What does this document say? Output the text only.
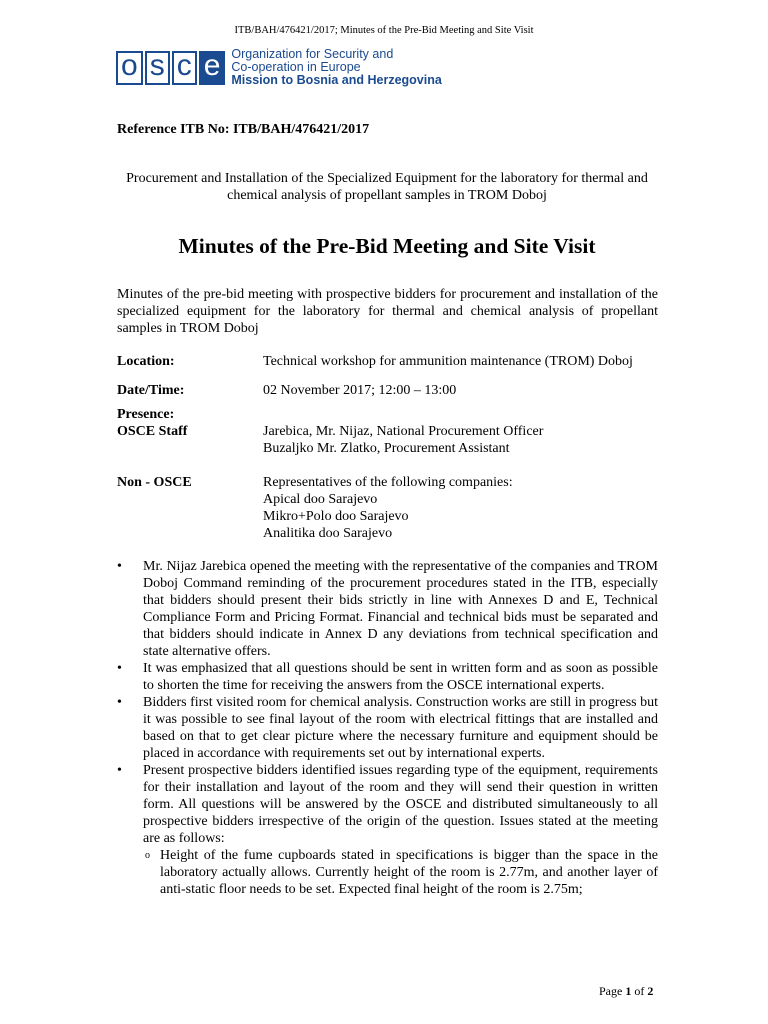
ITB/BAH/476421/2017; Minutes of the Pre-Bid Meeting and Site Visit
o s c e Organization for Security and
Co-operation in Europe
Mission to Bosnia and Herzegovina
Reference ITB No: ITB/BAH/476421/2017
Procurement and Installation of the Specialized Equipment for the laboratory for thermal and chemical analysis of propellant samples in TROM Doboj
Minutes of the Pre-Bid Meeting and Site Visit
Minutes of the pre-bid meeting with prospective bidders for procurement and installation of the specialized equipment for the laboratory for thermal and chemical analysis of propellant samples in TROM Doboj
Location:	Technical workshop for ammunition maintenance (TROM) Doboj
Date/Time:	02 November 2017; 12:00 – 13:00
Presence:
OSCE Staff	Jarebica, Mr. Nijaz, National Procurement Officer
Buzaljko Mr. Zlatko, Procurement Assistant
Non - OSCE	Representatives of the following companies:
Apical doo Sarajevo
Mikro+Polo doo Sarajevo
Analitika doo Sarajevo
•	Mr. Nijaz Jarebica opened the meeting with the representative of the companies and TROM Doboj Command reminding of the procurement procedures stated in the ITB, especially that bidders should present their bids strictly in line with Annexes D and E, Technical Compliance Form and Pricing Format. Financial and technical bids must be separated and that bidders should indicate in Annex D any deviations from technical specification and state alternative offers.
•	It was emphasized that all questions should be sent in written form and as soon as possible to shorten the time for receiving the answers from the OSCE international experts.
•	Bidders first visited room for chemical analysis. Construction works are still in progress but it was possible to see final layout of the room with electrical fittings that are installed and based on that to get clear picture where the necessary furniture and equipment should be placed in accordance with requirements set out by international experts.
•	Present prospective bidders identified issues regarding type of the equipment, requirements for their installation and layout of the room and they will send their question in written form. All questions will be answered by the OSCE and distributed simultaneously to all prospective bidders irrespective of the origin of the question. Issues stated at the meeting are as follows:
o Height of the fume cupboards stated in specifications is bigger than the space in the laboratory actually allows. Currently height of the room is 2.77m, and another layer of anti-static floor needs to be set. Expected final height of the room is 2.75m;
Page 1 of 2
